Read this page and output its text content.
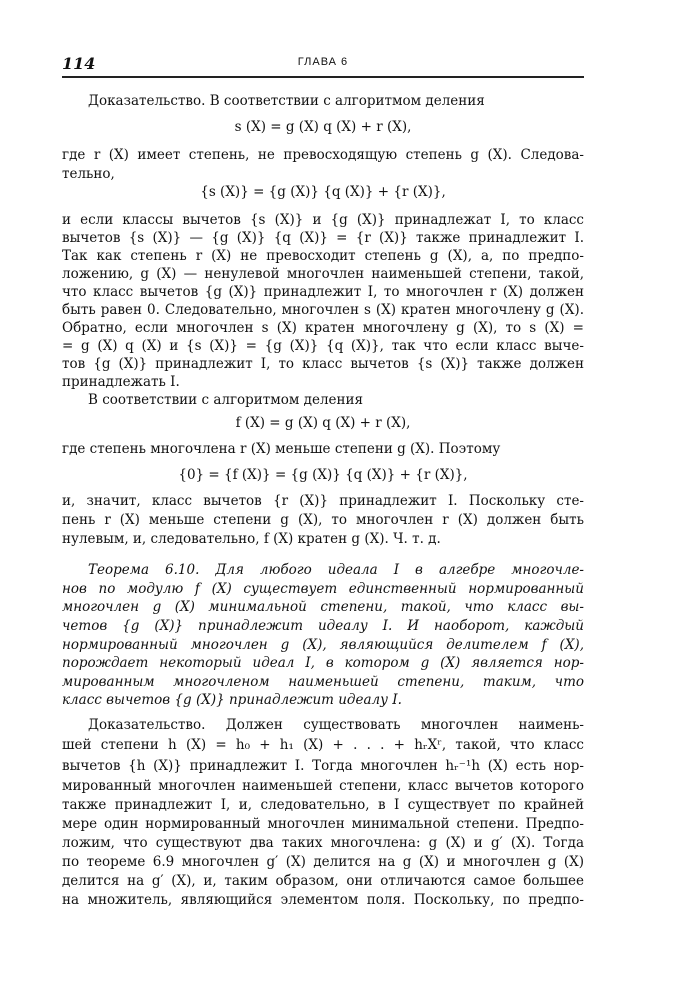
114	ГЛАВА 6
Доказательство. В соответствии с алгоритмом деления
s (X) = g (X) q (X) + r (X),
где r (X) имеет степень, не превосходящую степень g (X). Следова-
тельно,
{s (X)} = {g (X)} {q (X)} + {r (X)},
и если классы вычетов {s (X)} и {g (X)} принадлежат I, то класс
вычетов {s (X)} — {g (X)} {q (X)} = {r (X)} также принадлежит I.
Так как степень r (X) не превосходит степень g (X), а, по предпо-
ложению, g (X) — ненулевой многочлен наименьшей степени, такой,
что класс вычетов {g (X)} принадлежит I, то многочлен r (X) должен
быть равен 0. Следовательно, многочлен s (X) кратен многочлену g (X).
Обратно, если многочлен s (X) кратен многочлену g (X), то s (X) =
= g (X) q (X) и {s (X)} = {g (X)} {q (X)}, так что если класс выче-
тов {g (X)} принадлежит I, то класс вычетов {s (X)} также должен
принадлежать I.
В соответствии с алгоритмом деления
f (X) = g (X) q (X) + r (X),
где степень многочлена r (X) меньше степени g (X). Поэтому
{0} = {f (X)} = {g (X)} {q (X)} + {r (X)},
и, значит, класс вычетов {r (X)} принадлежит I. Поскольку сте-
пень r (X) меньше степени g (X), то многочлен r (X) должен быть
нулевым, и, следовательно, f (X) кратен g (X). Ч. т. д.
Теорема 6.10. Для любого идеала I в алгебре многочле-
нов по модулю f (X) существует единственный нормированный
многочлен g (X) минимальной степени, такой, что класс вы-
четов {g (X)} принадлежит идеалу I. И наоборот, каждый
нормированный многочлен g (X), являющийся делителем f (X),
порождает некоторый идеал I, в котором g (X) является нор-
мированным многочленом наименьшей степени, таким, что
класс вычетов {g (X)} принадлежит идеалу I.
Доказательство. Должен существовать многочлен наимень-
шей степени h (X) = h₀ + h₁ (X) + . . . + hᵣXʳ, такой, что класс
вычетов {h (X)} принадлежит I. Тогда многочлен hᵣ⁻¹h (X) есть нор-
мированный многочлен наименьшей степени, класс вычетов которого
также принадлежит I, и, следовательно, в I существует по крайней
мере один нормированный многочлен минимальной степени. Предпо-
ложим, что существуют два таких многочлена: g (X) и g′ (X). Тогда
по теореме 6.9 многочлен g′ (X) делится на g (X) и многочлен g (X)
делится на g′ (X), и, таким образом, они отличаются самое большее
на множитель, являющийся элементом поля. Поскольку, по предпо-
